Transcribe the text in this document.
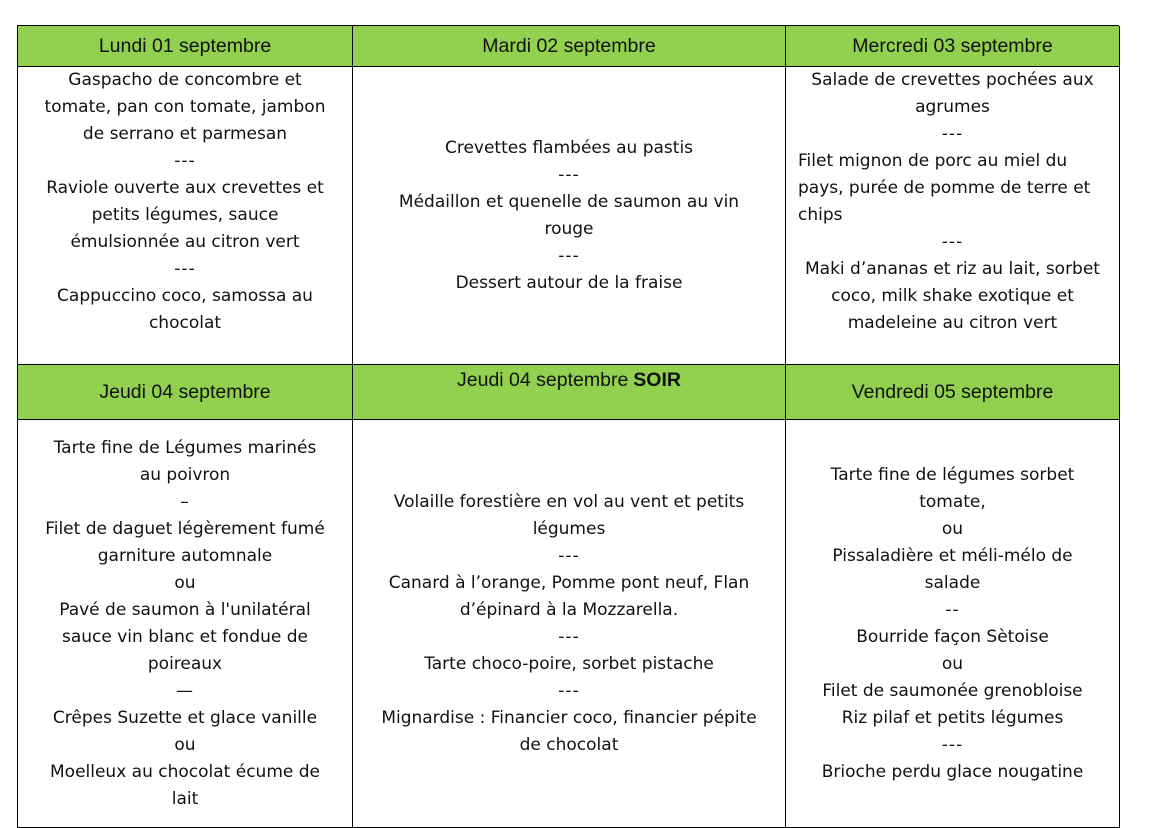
Lundi 01 septembre	Mardi 02 septembre	Mercredi 03 septembre
Gaspacho de concombre et
tomate, pan con tomate, jambon
de serrano et parmesan
---
Raviole ouverte aux crevettes et
petits légumes, sauce
émulsionnée au citron vert
---
Cappuccino coco, samossa au
chocolat
Crevettes flambées au pastis
---
Médaillon et quenelle de saumon au vin
rouge
---
Dessert autour de la fraise
Salade de crevettes pochées aux
agrumes
---
Filet mignon de porc au miel du
pays, purée de pomme de terre et
chips
---
Maki d’ananas et riz au lait, sorbet
coco, milk shake exotique et
madeleine au citron vert
Jeudi 04 septembre
Jeudi 04 septembre SOIR
Vendredi 05 septembre
Tarte fine de Légumes marinés
au poivron
–
Filet de daguet légèrement fumé
garniture automnale
ou
Pavé de saumon à l'unilatéral
sauce vin blanc et fondue de
poireaux
—
Crêpes Suzette et glace vanille
ou
Moelleux au chocolat écume de
lait
Volaille forestière en vol au vent et petits
légumes
---
Canard à l’orange, Pomme pont neuf, Flan
d’épinard à la Mozzarella.
---
Tarte choco-poire, sorbet pistache
---
Mignardise : Financier coco, financier pépite
de chocolat
Tarte fine de légumes sorbet
tomate,
ou
Pissaladière et méli-mélo de
salade
--
Bourride façon Sètoise
ou
Filet de saumonée grenobloise
Riz pilaf et petits légumes
---
Brioche perdu glace nougatine
